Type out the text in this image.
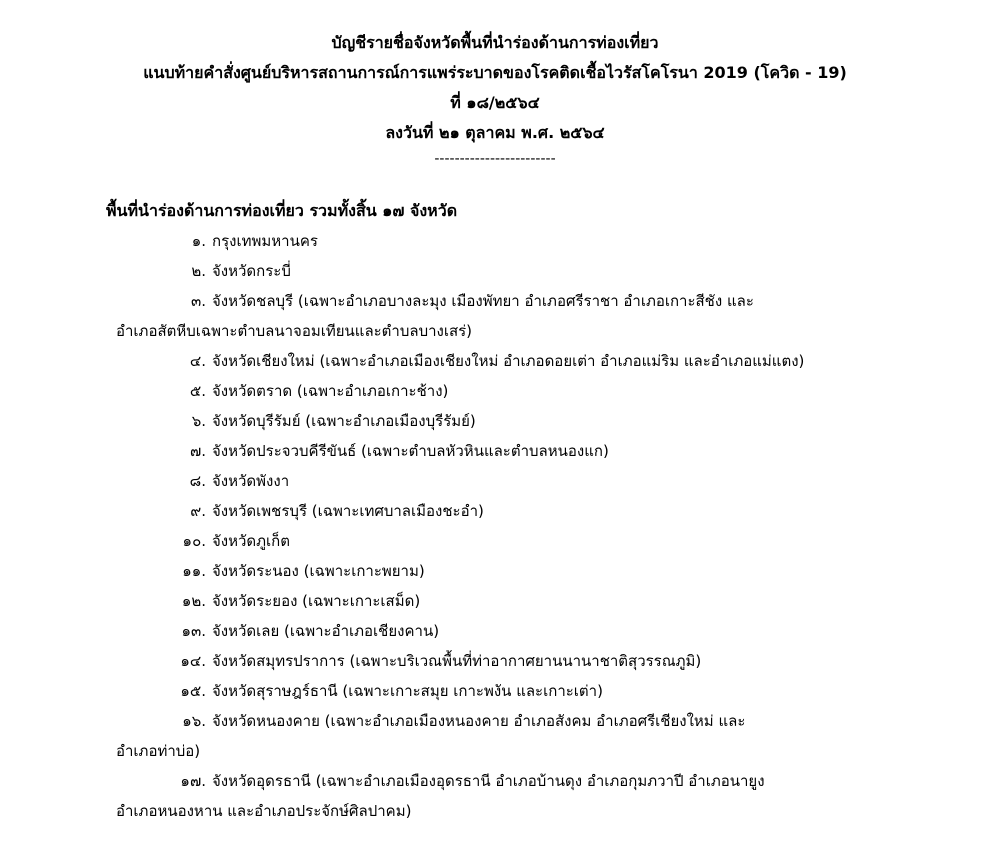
บัญชีรายชื่อจังหวัดพื้นที่นำร่องด้านการท่องเที่ยว
แนบท้ายคำสั่งศูนย์บริหารสถานการณ์การแพร่ระบาดของโรคติดเชื้อไวรัสโคโรนา 2019 (โควิด - 19)
ที่ ๑๘/๒๕๖๔
ลงวันที่ ๒๑ ตุลาคม พ.ศ. ๒๕๖๔
------------------------
พื้นที่นำร่องด้านการท่องเที่ยว รวมทั้งสิ้น ๑๗ จังหวัด
๑. กรุงเทพมหานคร
๒. จังหวัดกระบี่
๓. จังหวัดชลบุรี (เฉพาะอำเภอบางละมุง เมืองพัทยา อำเภอศรีราชา อำเภอเกาะสีชัง และ
อำเภอสัตหีบเฉพาะตำบลนาจอมเทียนและตำบลบางเสร่)
๔. จังหวัดเชียงใหม่ (เฉพาะอำเภอเมืองเชียงใหม่ อำเภอดอยเต่า อำเภอแม่ริม และอำเภอแม่แตง)
๕. จังหวัดตราด (เฉพาะอำเภอเกาะช้าง)
๖. จังหวัดบุรีรัมย์ (เฉพาะอำเภอเมืองบุรีรัมย์)
๗. จังหวัดประจวบคีรีขันธ์ (เฉพาะตำบลหัวหินและตำบลหนองแก)
๘. จังหวัดพังงา
๙. จังหวัดเพชรบุรี (เฉพาะเทศบาลเมืองชะอำ)
๑๐. จังหวัดภูเก็ต
๑๑. จังหวัดระนอง (เฉพาะเกาะพยาม)
๑๒. จังหวัดระยอง (เฉพาะเกาะเสม็ด)
๑๓. จังหวัดเลย (เฉพาะอำเภอเชียงคาน)
๑๔. จังหวัดสมุทรปราการ (เฉพาะบริเวณพื้นที่ท่าอากาศยานนานาชาติสุวรรณภูมิ)
๑๕. จังหวัดสุราษฎร์ธานี (เฉพาะเกาะสมุย เกาะพงัน และเกาะเต่า)
๑๖. จังหวัดหนองคาย (เฉพาะอำเภอเมืองหนองคาย อำเภอสังคม อำเภอศรีเชียงใหม่ และ
อำเภอท่าบ่อ)
๑๗. จังหวัดอุดรธานี (เฉพาะอำเภอเมืองอุดรธานี อำเภอบ้านดุง อำเภอกุมภวาปี อำเภอนายูง
อำเภอหนองหาน และอำเภอประจักษ์ศิลปาคม)
